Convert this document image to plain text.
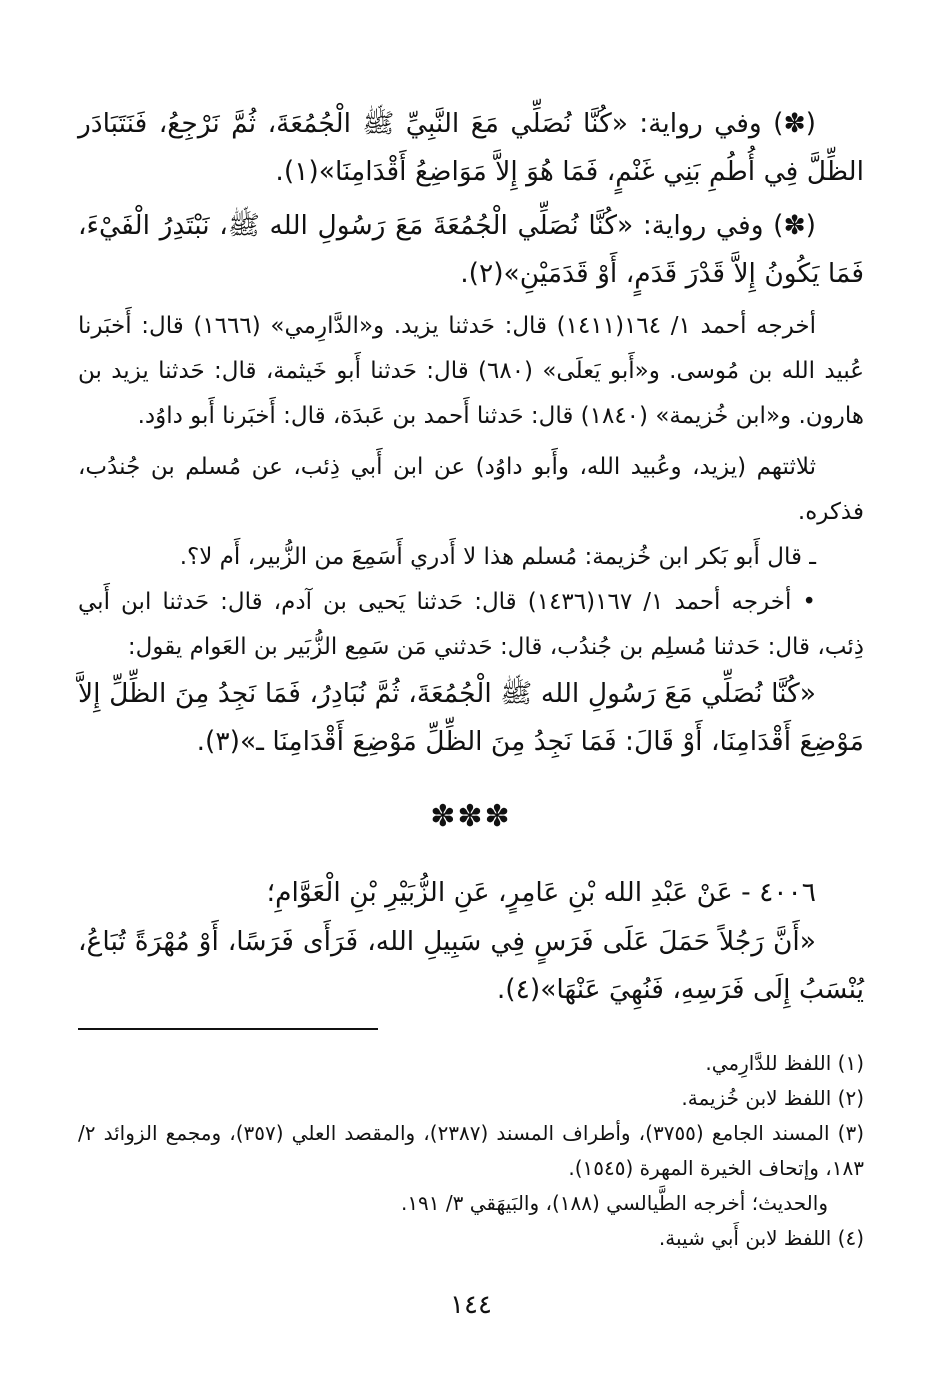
(✽) وفي رواية: «كُنَّا نُصَلِّي مَعَ النَّبِيِّ ﷺ الْجُمُعَةَ، ثُمَّ نَرْجِعُ، فَنَتَبَادَر الظِّلَّ فِي أُطُمِ بَنِي غَنْمٍ، فَمَا هُوَ إِلاَّ مَوَاضِعُ أَقْدَامِنَا»(١).

(✽) وفي رواية: «كُنَّا نُصَلِّي الْجُمُعَةَ مَعَ رَسُولِ الله ﷺ، نَبْتَدِرُ الْفَيْءَ، فَمَا يَكُونُ إِلاَّ قَدْرَ قَدَمٍ، أَوْ قَدَمَيْنِ»(٢).

أخرجه أحمد ١/ ١٦٤(١٤١١) قال: حَدثنا يزيد. و«الدَّارِمي» (١٦٦٦) قال: أَخبَرنا عُبيد الله بن مُوسى. و«أَبو يَعلَى» (٦٨٠) قال: حَدثنا أَبو خَيثمة، قال: حَدثنا يزيد بن هارون. و«ابن خُزيمة» (١٨٤٠) قال: حَدثنا أَحمد بن عَبدَة، قال: أَخبَرنا أَبو داوُد.

ثلاثتهم (يزيد، وعُبيد الله، وأَبو داوُد) عن ابن أَبي ذِئب، عن مُسلم بن جُندُب، فذكره.

ـ قال أَبو بَكر ابن خُزيمة: مُسلم هذا لا أَدري أَسَمِعَ من الزُّبير، أَم لا؟.

• أخرجه أحمد ١/ ١٦٧(١٤٣٦) قال: حَدثنا يَحيى بن آدم، قال: حَدثنا ابن أَبي ذِئب، قال: حَدثنا مُسلِم بن جُندُب، قال: حَدثني مَن سَمِع الزُّبَير بن العَوام يقول:

«كُنَّا نُصَلِّي مَعَ رَسُولِ الله ﷺ الْجُمُعَةَ، ثُمَّ نُبَادِرُ، فَمَا نَجِدُ مِنَ الظِّلِّ إِلاَّ مَوْضِعَ أَقْدَامِنَا، أَوْ قَالَ: فَمَا نَجِدُ مِنَ الظِّلِّ مَوْضِعَ أَقْدَامِنَا ـ»(٣).

✽✽✽

٤٠٠٦ - عَنْ عَبْدِ الله بْنِ عَامِرٍ، عَنِ الزُّبَيْرِ بْنِ الْعَوَّامِ؛

«أَنَّ رَجُلاً حَمَلَ عَلَى فَرَسٍ فِي سَبِيلِ الله، فَرَأَى فَرَسًا، أَوْ مُهْرَةً تُبَاعُ، يُنْسَبُ إِلَى فَرَسِهِ، فَنُهِيَ عَنْهَا»(٤).

(١) اللفظ للدَّارِمي.

(٢) اللفظ لابن خُزيمة.

(٣) المسند الجامع (٣٧٥٥)، وأطراف المسند (٢٣٨٧)، والمقصد العلي (٣٥٧)، ومجمع الزوائد ٢/ ١٨٣، وإتحاف الخيرة المهرة (١٥٤٥).

والحديث؛ أخرجه الطَّيالسي (١٨٨)، والبَيهَقي ٣/ ١٩١.

(٤) اللفظ لابن أَبي شيبة.

١٤٤
